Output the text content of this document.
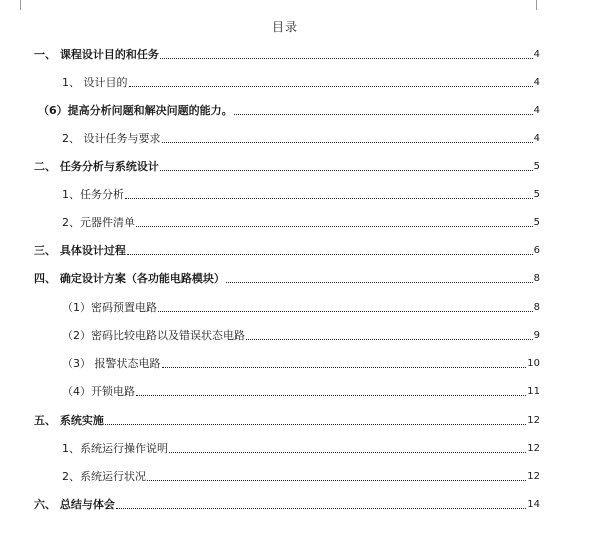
目录
一、 课程设计目的和任务	4
1、 设计目的	4
（6）提高分析问题和解决问题的能力。	4
2、 设计任务与要求	4
二、 任务分析与系统设计	5
1、任务分析	5
2、元器件清单	5
三、 具体设计过程	6
四、 确定设计方案（各功能电路模块）	8
（1）密码预置电路	8
（2）密码比较电路以及错误状态电路	9
（3） 报警状态电路	10
（4）开锁电路	11
五、 系统实施	12
1、系统运行操作说明	12
2、系统运行状况	12
六、 总结与体会	14
